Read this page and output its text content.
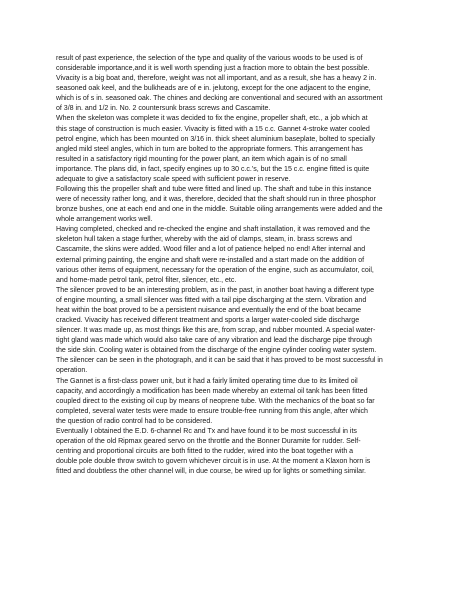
result of past experience, the selection of the type and quality of the various woods to be used is of
considerable importance,and it is well worth spending just a fraction more to obtain the best possible.
Vivacity is a big boat and, therefore, weight was not all important, and as a result, she has a heavy 2 in.
seasoned oak keel, and the bulkheads are of e in. jelutong, except for the one adjacent to the engine,
which is of s in. seasoned oak. The chines and decking are conventional and secured with an assortment
of 3/8 in. and 1/2 in. No. 2 countersunk brass screws and Cascamite.

When the skeleton was complete it was decided to fix the engine, propeller shaft, etc., a job which at
this stage of construction is much easier. Vivacity is fitted with a 15 c.c. Gannet 4-stroke water cooled
petrol engine, which has been mounted on 3/16 in. thick sheet aluminium baseplate, bolted to specially
angled mild steel angles, which in turn are bolted to the appropriate formers. This arrangement has
resulted in a satisfactory rigid mounting for the power plant, an item which again is of no small
importance. The plans did, in fact, specify engines up to 30 c.c.'s, but the 15 c.c. engine fitted is quite
adequate to give a satisfactory scale speed with sufficient power in reserve.

Following this the propeller shaft and tube were fitted and lined up. The shaft and tube in this instance
were of necessity rather long, and it was, therefore, decided that the shaft should run in three phosphor
bronze bushes, one at each end and one in the middle. Suitable oiling arrangements were added and the
whole arrangement works well.

Having completed, checked and re-checked the engine and shaft installation, it was removed and the
skeleton hull taken a stage further, whereby with the aid of clamps, steam, in. brass screws and
Cascamite, the skins were added. Wood filler and a lot of patience helped no end! After internal and
external priming painting, the engine and shaft were re-installed and a start made on the addition of
various other items of equipment, necessary for the operation of the engine, such as accumulator, coil,
and home-made petrol tank, petrol filter, silencer, etc., etc.

The silencer proved to be an interesting problem, as in the past, in another boat having a different type
of engine mounting, a small silencer was fitted with a tail pipe discharging at the stern. Vibration and
heat within the boat proved to be a persistent nuisance and eventually the end of the boat became
cracked. Vivacity has received different treatment and sports a larger water-cooled side discharge
silencer. It was made up, as most things like this are, from scrap, and rubber mounted. A special water-
tight gland was made which would also take care of any vibration and lead the discharge pipe through
the side skin. Cooling water is obtained from the discharge of the engine cylinder cooling water system.
The silencer can be seen in the photograph, and it can be said that it has proved to be most successful in
operation.

The Gannet is a first-class power unit, but it had a fairly limited operating time due to its limited oil
capacity, and accordingly a modification has been made whereby an external oil tank has been fitted
coupled direct to the existing oil cup by means of neoprene tube. With the mechanics of the boat so far
completed, several water tests were made to ensure trouble-free running from this angle, after which
the question of radio control had to be considered.

Eventually I obtained the E.D. 6-channel Rc and Tx and have found it to be most successful in its
operation of the old Ripmax geared servo on the throttle and the Bonner Duramite for rudder. Self-
centring and proportional circuits are both fitted to the rudder, wired into the boat together with a
double pole double throw switch to govern whichever circuit is in use. At the moment a Klaxon horn is
fitted and doubtless the other channel will, in due course, be wired up for lights or something similar.
